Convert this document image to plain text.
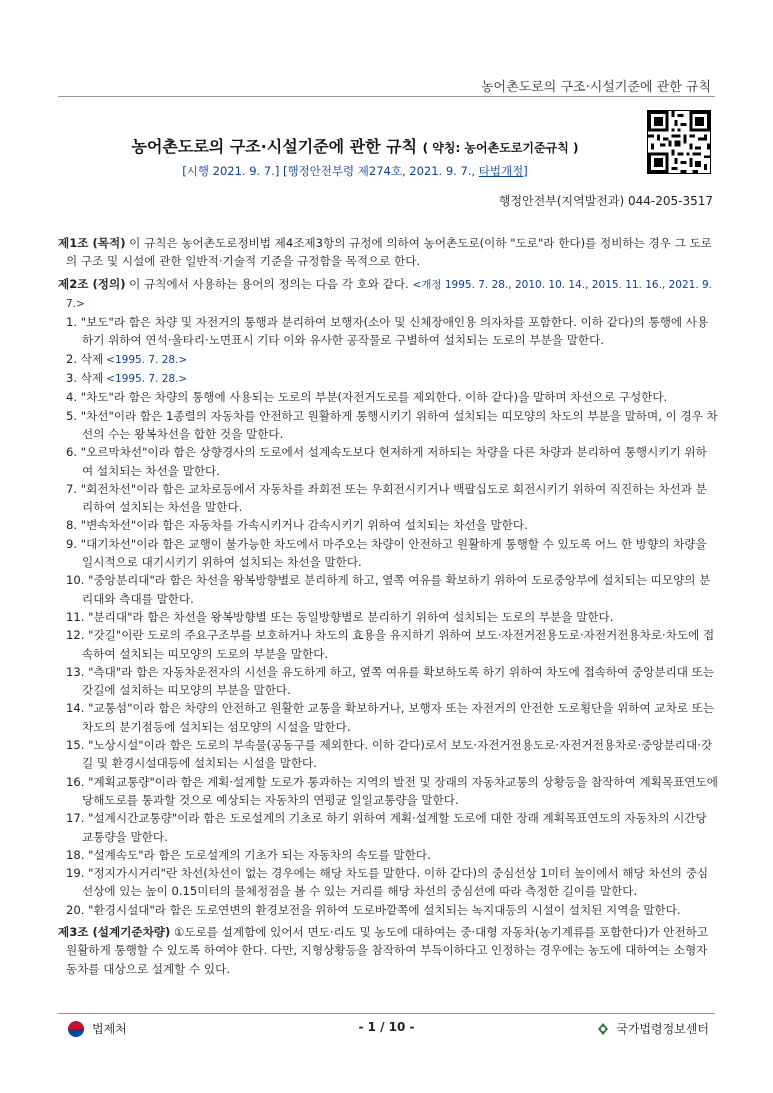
농어촌도로의 구조·시설기준에 관한 규칙
농어촌도로의 구조·시설기준에 관한 규칙 ( 약칭: 농어촌도로기준규칙 )
[시행 2021. 9. 7.] [행정안전부령 제274호, 2021. 9. 7., 타법개정]
행정안전부(지역발전과) 044-205-3517

제1조 (목적) 이 규칙은 농어촌도로정비법 제4조제3항의 규정에 의하여 농어촌도로(이하 "도로"라 한다)를 정비하는 경우 그 도로의 구조 및 시설에 관한 일반적·기술적 기준을 규정함을 목적으로 한다.

제2조 (정의) 이 규칙에서 사용하는 용어의 정의는 다음 각 호와 같다. <개정 1995. 7. 28., 2010. 10. 14., 2015. 11. 16., 2021. 9. 7.>

1. "보도"라 함은 차량 및 자전거의 통행과 분리하여 보행자(소아 및 신체장애인용 의자차를 포함한다. 이하 같다)의 통행에 사용하기 위하여 연석·울타리·노면표시 기타 이와 유사한 공작물로 구별하여 설치되는 도로의 부분을 말한다.
2. 삭제 <1995. 7. 28.>
3. 삭제 <1995. 7. 28.>
4. "차도"라 함은 차량의 통행에 사용되는 도로의 부분(자전거도로를 제외한다. 이하 같다)을 말하며 차선으로 구성한다.
5. "차선"이라 함은 1종렬의 자동차를 안전하고 원활하게 통행시키기 위하여 설치되는 띠모양의 차도의 부분을 말하며, 이 경우 차선의 수는 왕복차선을 합한 것을 말한다.
6. "오르막차선"이라 함은 상향경사의 도로에서 설계속도보다 현저하게 저하되는 차량을 다른 차량과 분리하여 통행시키기 위하여 설치되는 차선을 말한다.
7. "회전차선"이라 함은 교차로등에서 자동차를 좌회전 또는 우회전시키거나 백팔십도로 회전시키기 위하여 직진하는 차선과 분리하여 설치되는 차선을 말한다.
8. "변속차선"이라 함은 자동차를 가속시키거나 감속시키기 위하여 설치되는 차선을 말한다.
9. "대기차선"이라 함은 교행이 불가능한 차도에서 마주오는 차량이 안전하고 원활하게 통행할 수 있도록 어느 한 방향의 차량을 일시적으로 대기시키기 위하여 설치되는 차선을 말한다.
10. "중앙분리대"라 함은 차선을 왕복방향별로 분리하게 하고, 옆쪽 여유를 확보하기 위하여 도로중앙부에 설치되는 띠모양의 분리대와 측대를 말한다.
11. "분리대"라 함은 차선을 왕복방향별 또는 동일방향별로 분리하기 위하여 설치되는 도로의 부분을 말한다.
12. "갓길"이란 도로의 주요구조부를 보호하거나 차도의 효용을 유지하기 위하여 보도·자전거전용도로·자전거전용차로·차도에 접속하여 설치되는 띠모양의 도로의 부분을 말한다.
13. "측대"라 함은 자동차운전자의 시선을 유도하게 하고, 옆쪽 여유를 확보하도록 하기 위하여 차도에 접속하여 중앙분리대 또는 갓길에 설치하는 띠모양의 부분을 말한다.
14. "교통섬"이라 함은 차량의 안전하고 원활한 교통을 확보하거나, 보행자 또는 자전거의 안전한 도로횡단을 위하여 교차로 또는 차도의 분기점등에 설치되는 섬모양의 시설을 말한다.
15. "노상시설"이라 함은 도로의 부속물(공동구를 제외한다. 이하 같다)로서 보도·자전거전용도로·자전거전용차로·중앙분리대·갓길 및 환경시설대등에 설치되는 시설을 말한다.
16. "계획교통량"이라 함은 계획·설계할 도로가 통과하는 지역의 발전 및 장래의 자동차교통의 상황등을 참작하여 계획목표연도에 당해도로를 통과할 것으로 예상되는 자동차의 연평균 일일교통량을 말한다.
17. "설계시간교통량"이라 함은 도로설계의 기초로 하기 위하여 계획·설계할 도로에 대한 장래 계획목표연도의 자동차의 시간당 교통량을 말한다.
18. "설계속도"라 함은 도로설계의 기초가 되는 자동차의 속도를 말한다.
19. "정지가시거리"란 차선(차선이 없는 경우에는 해당 차도를 말한다. 이하 같다)의 중심선상 1미터 높이에서 해당 차선의 중심선상에 있는 높이 0.15미터의 물체정점을 볼 수 있는 거리를 해당 차선의 중심선에 따라 측정한 길이를 말한다.
20. "환경시설대"라 함은 도로연변의 환경보전을 위하여 도로바깥쪽에 설치되는 녹지대등의 시설이 설치된 지역을 말한다.

제3조 (설계기준차량) ①도로를 설계함에 있어서 면도·리도 및 농도에 대하여는 중·대형 자동차(농기계류를 포함한다)가 안전하고 원활하게 통행할 수 있도록 하여야 한다. 다만, 지형상황등을 참작하여 부득이하다고 인정하는 경우에는 농도에 대하여는 소형자동차를 대상으로 설계할 수 있다.

법제처	- 1 / 10 -	국가법령정보센터
